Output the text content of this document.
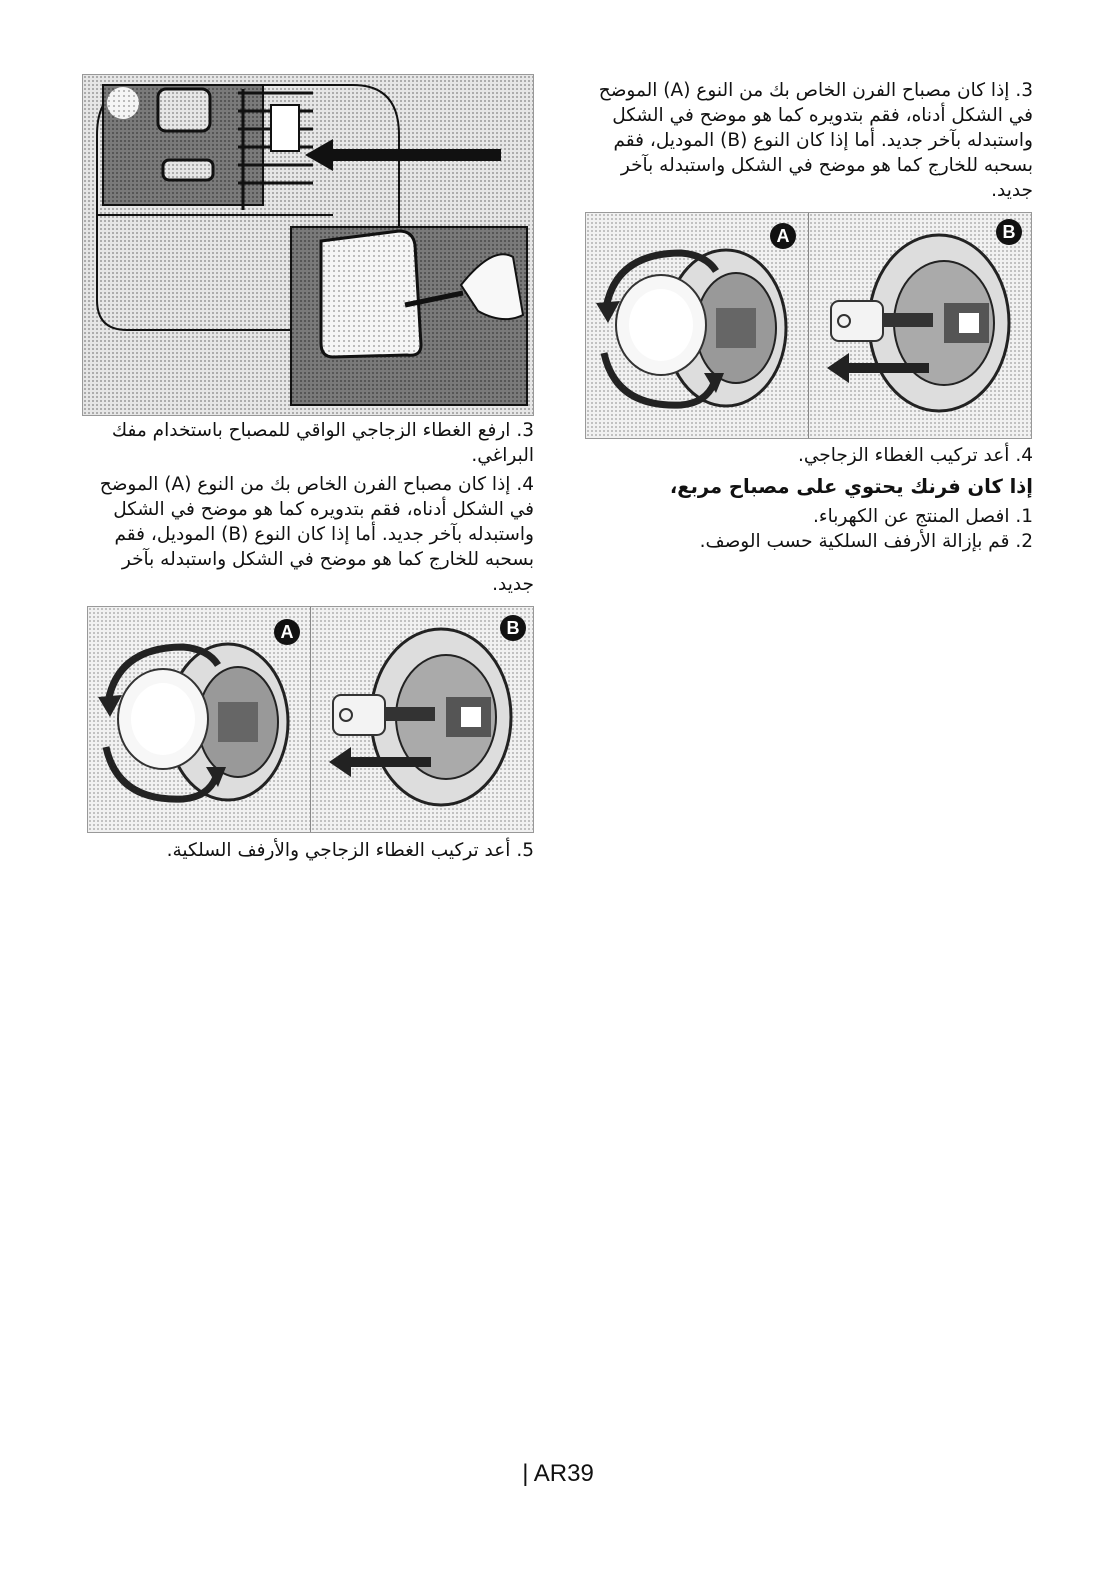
3. ارفع الغطاء الزجاجي الواقي للمصباح باستخدام مفك البراغي.

4. إذا كان مصباح الفرن الخاص بك من النوع (A) الموضح في الشكل أدناه، فقم بتدويره كما هو موضح في الشكل واستبدله بآخر جديد. أما إذا كان النوع (B) الموديل، فقم بسحبه للخارج كما هو موضح في الشكل واستبدله بآخر جديد.

A	B

5. أعد تركيب الغطاء الزجاجي والأرفف السلكية.

3. إذا كان مصباح الفرن الخاص بك من النوع (A) الموضح في الشكل أدناه، فقم بتدويره كما هو موضح في الشكل واستبدله بآخر جديد. أما إذا كان النوع (B) الموديل، فقم بسحبه للخارج كما هو موضح في الشكل واستبدله بآخر جديد.

A	B

4. أعد تركيب الغطاء الزجاجي.

إذا كان فرنك يحتوي على مصباح مربع،

1. افصل المنتج عن الكهرباء.

2. قم بإزالة الأرفف السلكية حسب الوصف.

| AR39
